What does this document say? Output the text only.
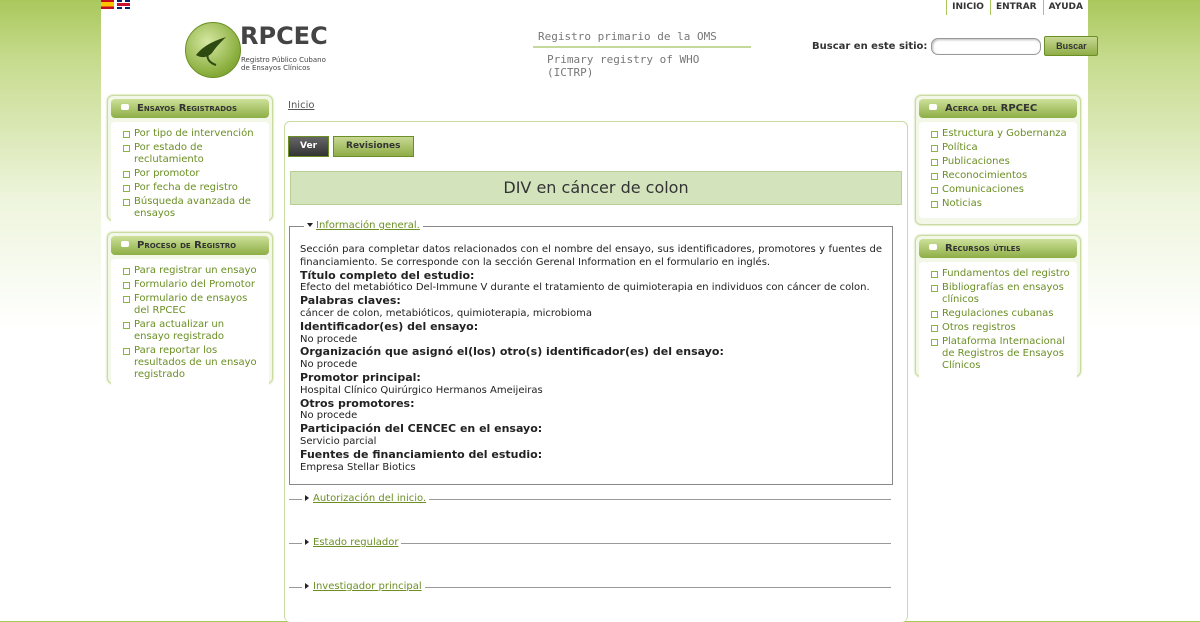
INICIO	ENTRAR	AYUDA
RPCEC
Registro Público Cubano
de Ensayos Clínicos
Registro primario de la OMS
Primary registry of WHO (ICTRP)
Buscar en este sitio:	Buscar
Ensayos Registrados
Por tipo de intervención
Por estado de reclutamiento
Por promotor
Por fecha de registro
Búsqueda avanzada de ensayos
Proceso de Registro
Para registrar un ensayo
Formulario del Promotor
Formulario de ensayos del RPCEC
Para actualizar un ensayo registrado
Para reportar los resultados de un ensayo registrado
Acerca del RPCEC
Estructura y Gobernanza
Política
Publicaciones
Reconocimientos
Comunicaciones
Noticias
Recursos útiles
Fundamentos del registro
Bibliografías en ensayos clínicos
Regulaciones cubanas
Otros registros
Plataforma Internacional de Registros de Ensayos Clínicos
Inicio
Ver	Revisiones
DIV en cáncer de colon
Información general.
Sección para completar datos relacionados con el nombre del ensayo, sus identificadores, promotores y fuentes de financiamiento. Se corresponde con la sección Gerenal Information en el formulario en inglés.
Título completo del estudio:
Efecto del metabiótico Del-Immune V durante el tratamiento de quimioterapia en individuos con cáncer de colon.
Palabras claves:
cáncer de colon, metabióticos, quimioterapia, microbioma
Identificador(es) del ensayo:
No procede
Organización que asignó el(los) otro(s) identificador(es) del ensayo:
No procede
Promotor principal:
Hospital Clínico Quirúrgico Hermanos Ameijeiras
Otros promotores:
No procede
Participación del CENCEC en el ensayo:
Servicio parcial
Fuentes de financiamiento del estudio:
Empresa Stellar Biotics
Autorización del inicio.
Estado regulador
Investigador principal
